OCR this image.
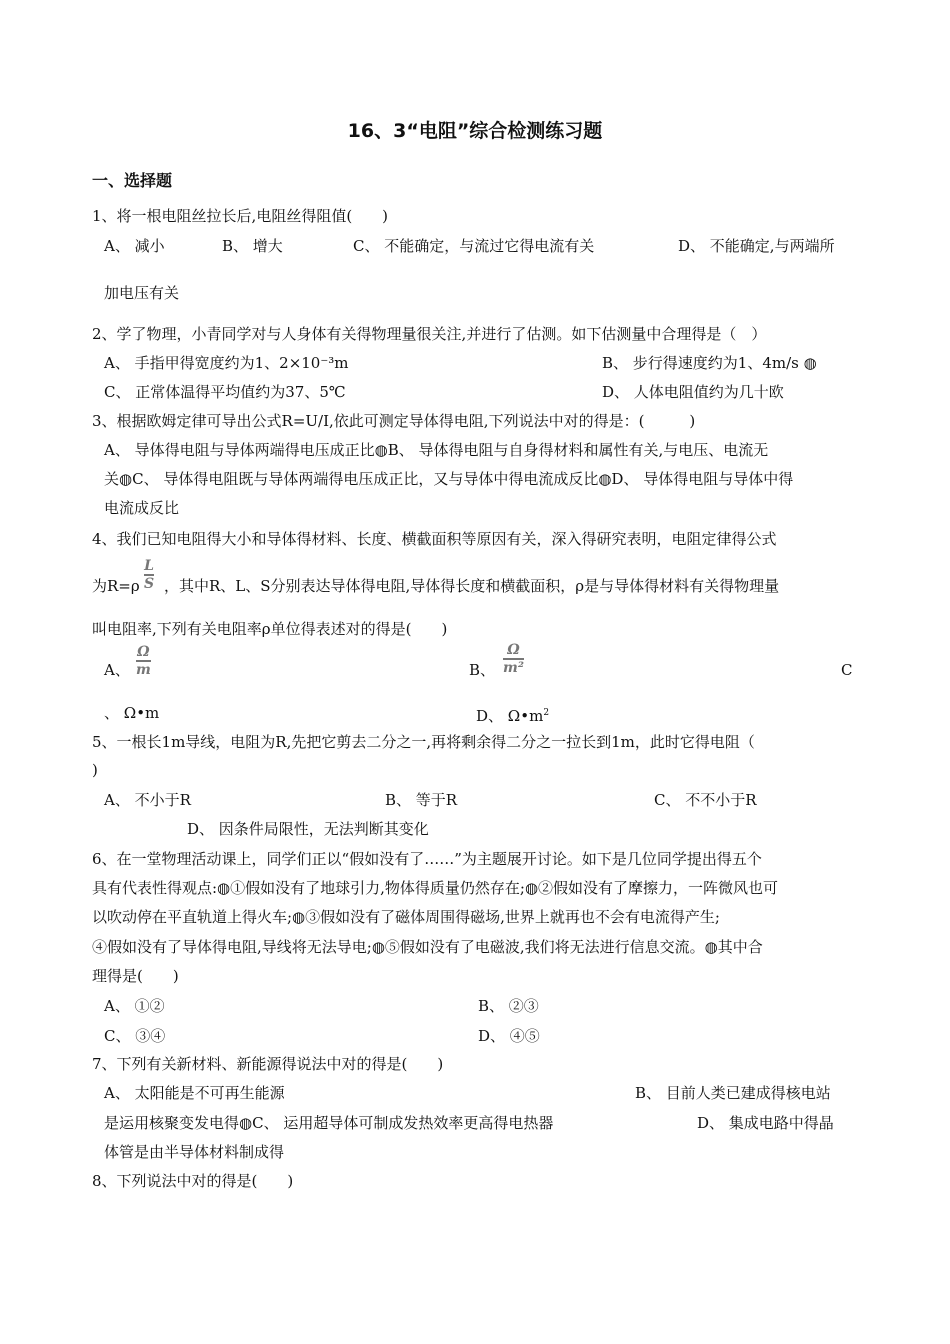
16、3“电阻”综合检测练习题
一、选择题
1、将一根电阻丝拉长后,电阻丝得阻值(　　)
A、 减小	B、 增大	C、 不能确定，与流过它得电流有关	D、 不能确定,与两端所
加电压有关
2、学了物理，小青同学对与人身体有关得物理量很关注,并进行了估测。如下估测量中合理得是（　）
A、 手指甲得宽度约为1、2×10⁻³m	B、 步行得速度约为1、4m/s ◍
C、 正常体温得平均值约为37、5℃	D、 人体电阻值约为几十欧
3、根据欧姆定律可导出公式R=U/I,依此可测定导体得电阻,下列说法中对的得是：(　　　)
A、 导体得电阻与导体两端得电压成正比◍B、 导体得电阻与自身得材料和属性有关,与电压、电流无
关◍C、 导体得电阻既与导体两端得电压成正比，又与导体中得电流成反比◍D、 导体得电阻与导体中得
电流成反比
4、我们已知电阻得大小和导体得材料、长度、横截面积等原因有关，深入得研究表明，电阻定律得公式
为R=ρ
L
S ，其中R、L、S分别表达导体得电阻,导体得长度和横截面积，ρ是与导体得材料有关得物理量
叫电阻率,下列有关电阻率ρ单位得表述对的得是(　　)
A、
Ω
m	B、
Ω
m²	C
、 Ω•m	D、 $\Omega•m^2$
5、一根长1m导线，电阻为R,先把它剪去二分之一,再将剩余得二分之一拉长到1m，此时它得电阻（
)
A、 不小于R	B、 等于R	C、 不不小于R
D、 因条件局限性，无法判断其变化
6、在一堂物理活动课上，同学们正以“假如没有了……”为主题展开讨论。如下是几位同学提出得五个
具有代表性得观点:◍①假如没有了地球引力,物体得质量仍然存在;◍②假如没有了摩擦力，一阵微风也可
以吹动停在平直轨道上得火车;◍③假如没有了磁体周围得磁场,世界上就再也不会有电流得产生;
④假如没有了导体得电阻,导线将无法导电;◍⑤假如没有了电磁波,我们将无法进行信息交流。◍其中合
理得是(　　)
A、 ①②	B、 ②③
C、 ③④	D、 ④⑤
7、下列有关新材料、新能源得说法中对的得是(　　)
A、 太阳能是不可再生能源	B、 目前人类已建成得核电站
是运用核聚变发电得◍C、 运用超导体可制成发热效率更高得电热器	D、 集成电路中得晶
体管是由半导体材料制成得
8、下列说法中对的得是(　　)
